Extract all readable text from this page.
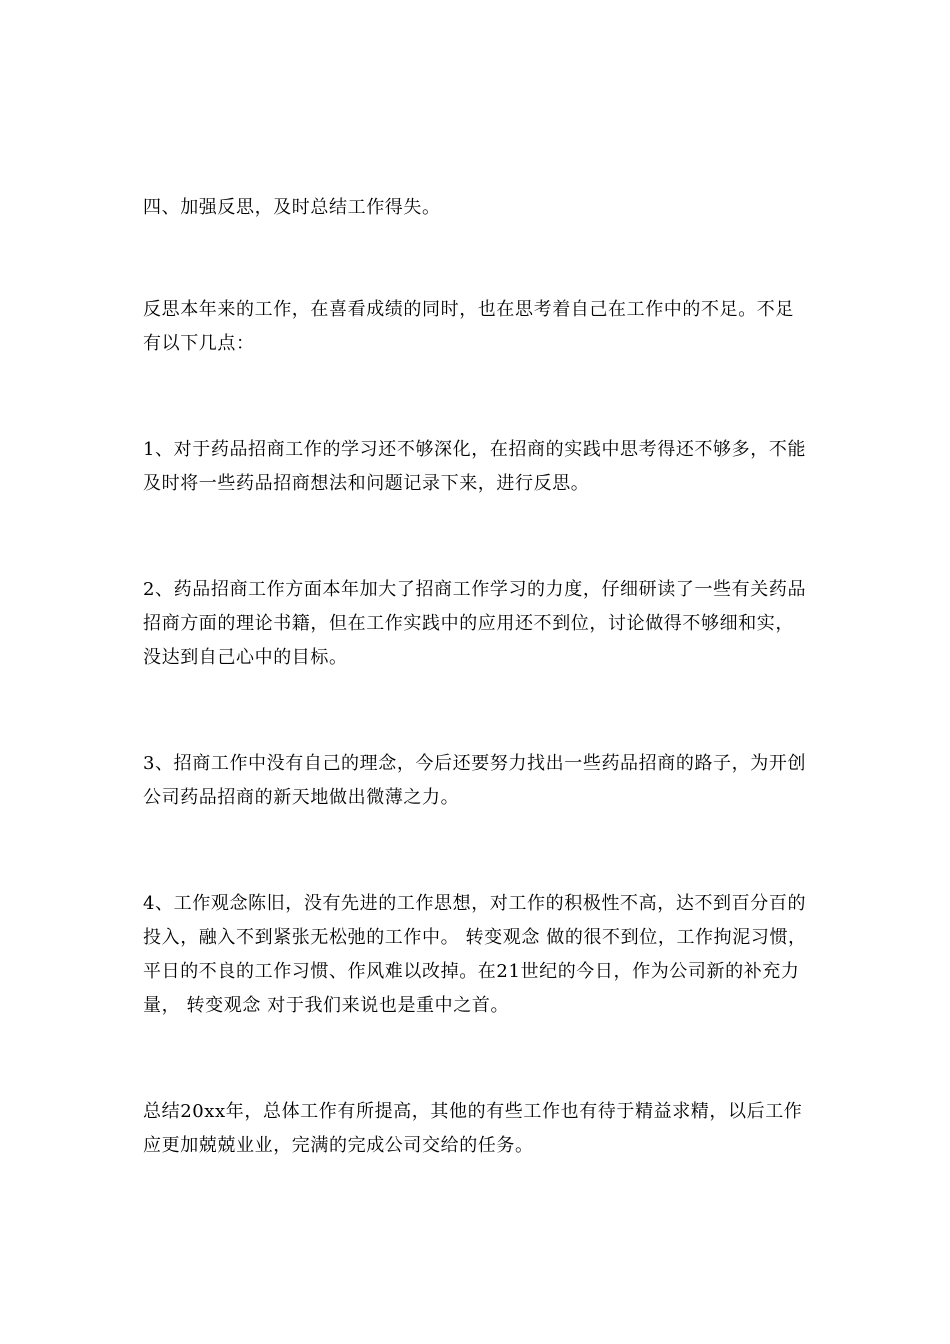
四、加强反思，及时总结工作得失。

反思本年来的工作，在喜看成绩的同时，也在思考着自己在工作中的不足。不足有以下几点：

1、对于药品招商工作的学习还不够深化，在招商的实践中思考得还不够多，不能及时将一些药品招商想法和问题记录下来，进行反思。

2、药品招商工作方面本年加大了招商工作学习的力度，仔细研读了一些有关药品招商方面的理论书籍，但在工作实践中的应用还不到位，讨论做得不够细和实，没达到自己心中的目标。

3、招商工作中没有自己的理念，今后还要努力找出一些药品招商的路子，为开创公司药品招商的新天地做出微薄之力。

4、工作观念陈旧，没有先进的工作思想，对工作的积极性不高，达不到百分百的投入，融入不到紧张无松弛的工作中。 转变观念 做的很不到位，工作拘泥习惯，平日的不良的工作习惯、作风难以改掉。在21世纪的今日，作为公司新的补充力量， 转变观念 对于我们来说也是重中之首。

总结20xx年，总体工作有所提高，其他的有些工作也有待于精益求精，以后工作应更加兢兢业业，完满的完成公司交给的任务。
